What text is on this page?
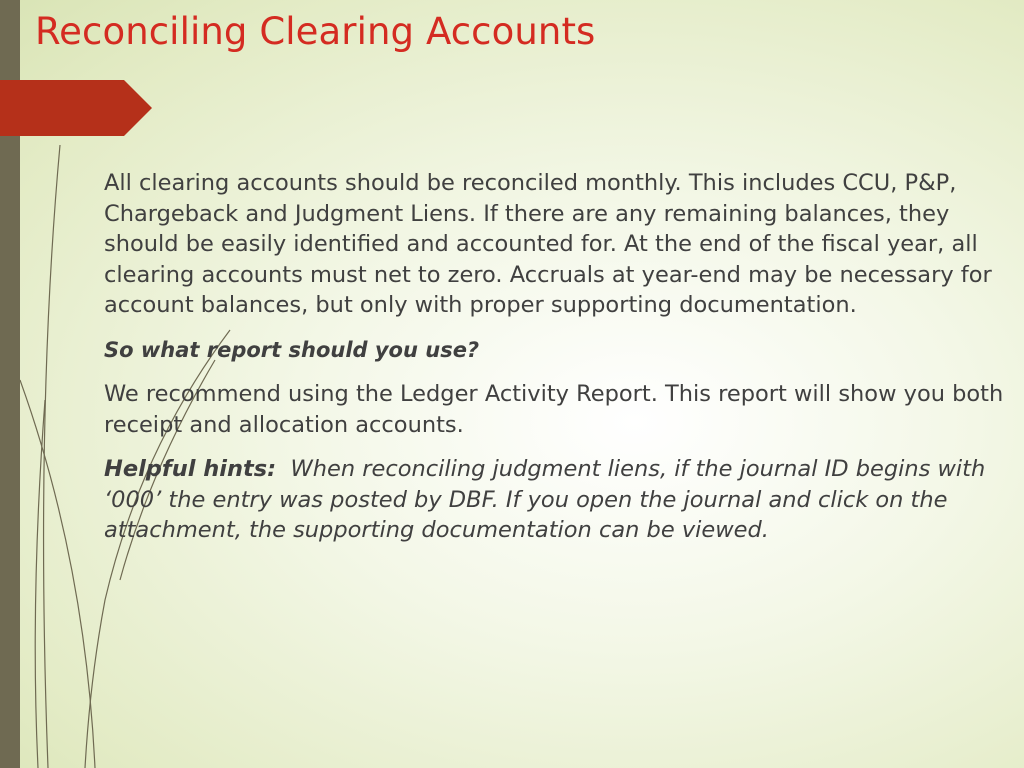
Reconciling Clearing Accounts

All clearing accounts should be reconciled monthly. This includes CCU, P&P, Chargeback and Judgment Liens. If there are any remaining balances, they should be easily identified and accounted for. At the end of the fiscal year, all clearing accounts must net to zero. Accruals at year-end may be necessary for account balances, but only with proper supporting documentation.

So what report should you use?

We recommend using the Ledger Activity Report. This report will show you both receipt and allocation accounts.

Helpful hints: When reconciling judgment liens, if the journal ID begins with ‘000’ the entry was posted by DBF. If you open the journal and click on the attachment, the supporting documentation can be viewed.
